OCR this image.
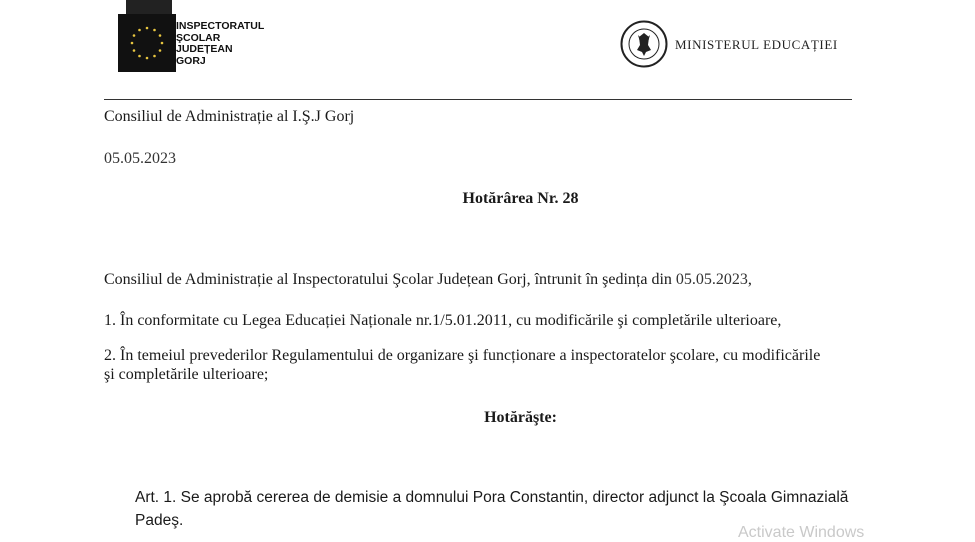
INSPECTORATUL
ŞCOLAR
JUDEȚEAN
GORJ
MINISTERUL EDUCAȚIEI
Consiliul de Administrație al I.Ş.J Gorj
05.05.2023
Hotărârea Nr. 28
Consiliul de Administrație al Inspectoratului Şcolar Județean Gorj, întrunit în şedința din 05.05.2023,
1. În conformitate cu Legea Educației Naționale nr.1/5.01.2011, cu modificările şi completările ulterioare,
2. În temeiul prevederilor Regulamentului de organizare şi funcționare a inspectoratelor şcolare, cu modificările
şi completările ulterioare;
Hotărăşte:
Art. 1. Se aprobă cererea de demisie a domnului Pora Constantin, director adjunct la Şcoala Gimnazială
Padeş.
Activate Windows
